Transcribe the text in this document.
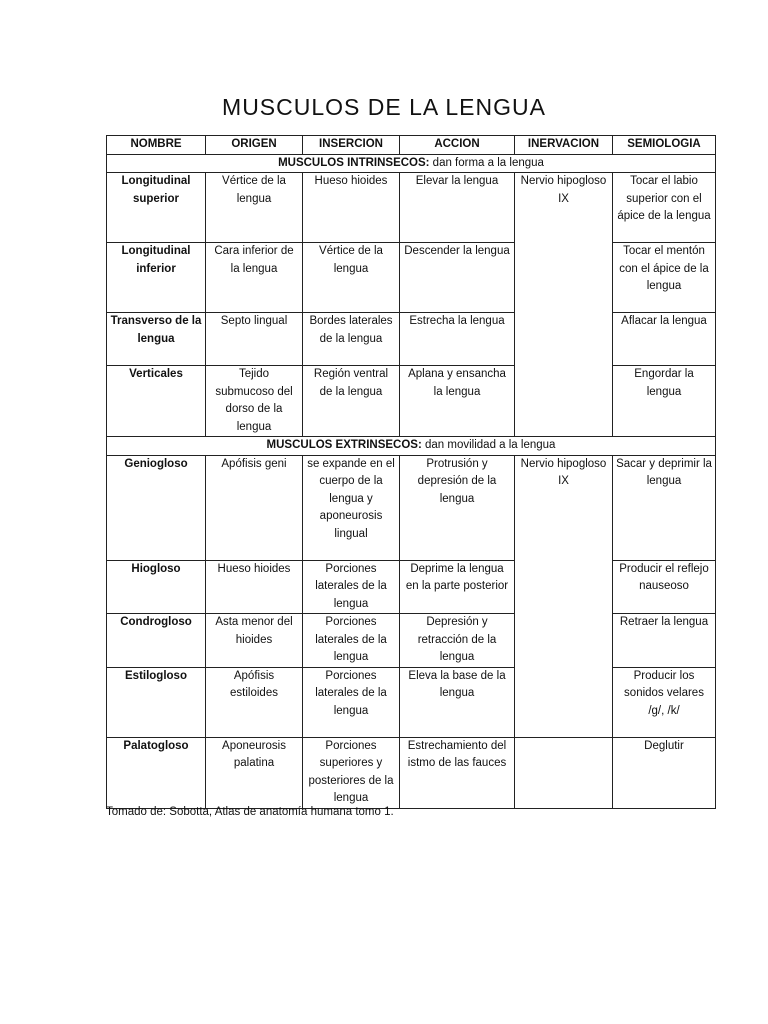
MUSCULOS DE LA LENGUA
NOMBRE	ORIGEN	INSERCION	ACCION	INERVACION	SEMIOLOGIA
MUSCULOS INTRINSECOS: dan forma a la lengua					
Longitudinal superior	Vértice de la lengua	Hueso hioides	Elevar la lengua	Nervio hipogloso IX	Tocar el labio superior con el ápice de la lengua
Longitudinal inferior	Cara inferior de la lengua	Vértice de la lengua	Descender la lengua		Tocar el mentón con el ápice de la lengua
Transverso de la lengua	Septo lingual	Bordes laterales de la lengua	Estrecha la lengua		Aflacar la lengua
Verticales	Tejido submucoso del dorso de la lengua	Región ventral de la lengua	Aplana y ensancha la lengua		Engordar la lengua
MUSCULOS EXTRINSECOS: dan movilidad a la lengua					
Geniogloso	Apófisis geni	se expande en el cuerpo de la lengua y aponeurosis lingual	Protrusión y depresión de la lengua	Nervio hipogloso IX	Sacar y deprimir la lengua
Hiogloso	Hueso hioides	Porciones laterales de la lengua	Deprime la lengua en la parte posterior		Producir el reflejo nauseoso
Condrogloso	Asta menor del hioides	Porciones laterales de la lengua	Depresión y retracción de la lengua		Retraer la lengua
Estilogloso	Apófisis estiloides	Porciones laterales de la lengua	Eleva la base de la lengua		Producir los sonidos velares /g/, /k/
Palatogloso	Aponeurosis palatina	Porciones superiores y posteriores de la lengua	Estrechamiento del istmo de las fauces		Deglutir
Tomado de: Sobotta, Atlas de anatomía humana tomo 1.
